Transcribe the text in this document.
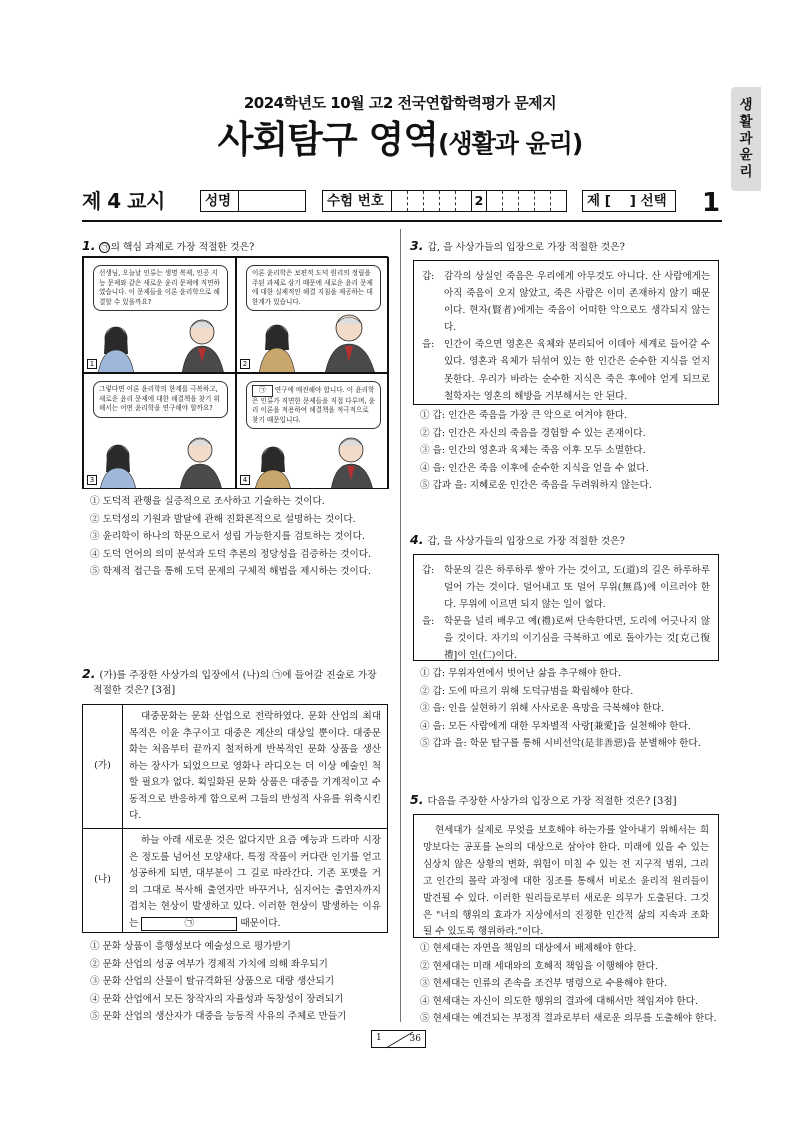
2024학년도 10월 고2 전국연합학력평가 문제지
사회탐구 영역(생활과 윤리)
생
활
과
윤
리
제 4 교시	성명	수험 번호	2	제 [    ] 선택 1
1. ㉠ 의 핵심 과제로 가장 적절한 것은?
선생님, 오늘날 인류는 생명 복제, 인공 지능 문제와 같은 새로운 윤리 문제에 직면하였습니다. 이 문제들을 이론 윤리학으로 해결할 수 있을까요?
1
이론 윤리학은 보편적 도덕 원리의 정립을 주된 과제로 삼기 때문에 새로운 윤리 문제에 대한 실제적인 해결 지침을 제공하는 데 한계가 있습니다.
2
그렇다면 이론 윤리학의 한계를 극복하고, 새로운 윤리 문제에 대한 해결책을 찾기 위해서는 어떤 윤리학을 연구해야 할까요?
3
㉠ 연구에 매진해야 합니다. 이 윤리학은 인류가 직면한 문제들을 직접 다루며, 윤리 이론을 적용하여 해결책을 적극적으로 찾기 때문입니다.
4
① 도덕적 관행을 실증적으로 조사하고 기술하는 것이다.
② 도덕성의 기원과 발달에 관해 진화론적으로 설명하는 것이다.
③ 윤리학이 하나의 학문으로서 성립 가능한지를 검토하는 것이다.
④ 도덕 언어의 의미 분석과 도덕 추론의 정당성을 검증하는 것이다.
⑤ 학제적 접근을 통해 도덕 문제의 구체적 해법을 제시하는 것이다.
2. (가)를 주장한 사상가의 입장에서 (나)의 ㉠에 들어갈 진술로 가장
적절한 것은? [3점]
(가)
대중문화는 문화 산업으로 전락하였다. 문화 산업의 최대 목적은 이윤 추구이고 대중은 계산의 대상일 뿐이다. 대중문화는 처음부터 끝까지 철저하게 반복적인 문화 상품을 생산하는 장사가 되었으므로 영화나 라디오는 더 이상 예술인 척할 필요가 없다. 획일화된 문화 상품은 대중을 기계적이고 수동적으로 반응하게 함으로써 그들의 반성적 사유를 위축시킨다.
(나)
하늘 아래 새로운 것은 없다지만 요즘 예능과 드라마 시장은 정도를 넘어선 모양새다. 특정 작품이 커다란 인기를 얻고 성공하게 되면, 대부분이 그 길로 따라간다. 기존 포맷을 거의 그대로 복사해 출연자만 바꾸거나, 심지어는 출연자까지 겹치는 현상이 발생하고 있다. 이러한 현상이 발생하는 이유는	㉠	때문이다.
① 문화 상품이 흥행성보다 예술성으로 평가받기
② 문화 산업의 성공 여부가 경제적 가치에 의해 좌우되기
③ 문화 산업의 산물이 탈규격화된 상품으로 대량 생산되기
④ 문화 산업에서 모든 창작자의 자율성과 독창성이 장려되기
⑤ 문화 산업의 생산자가 대중을 능동적 사유의 주체로 만들기
3. 갑, 을 사상가들의 입장으로 가장 적절한 것은?
갑:	감각의 상실인 죽음은 우리에게 아무것도 아니다. 산 사람에게는 아직 죽음이 오지 않았고, 죽은 사람은 이미 존재하지 않기 때문이다. 현자(賢者)에게는 죽음이 어떠한 악으로도 생각되지 않는다.
을:	인간이 죽으면 영혼은 육체와 분리되어 이데아 세계로 들어갈 수 있다. 영혼과 육체가 뒤섞여 있는 한 인간은 순수한 지식을 얻지 못한다. 우리가 바라는 순수한 지식은 죽은 후에야 얻게 되므로 철학자는 영혼의 해방을 거부해서는 안 된다.
① 갑: 인간은 죽음을 가장 큰 악으로 여겨야 한다.
② 갑: 인간은 자신의 죽음을 경험할 수 있는 존재이다.
③ 을: 인간의 영혼과 육체는 죽음 이후 모두 소멸한다.
④ 을: 인간은 죽음 이후에 순수한 지식을 얻을 수 없다.
⑤ 갑과 을: 지혜로운 인간은 죽음을 두려워하지 않는다.
4. 갑, 을 사상가들의 입장으로 가장 적절한 것은?
갑:	학문의 길은 하루하루 쌓아 가는 것이고, 도(道)의 길은 하루하루 덜어 가는 것이다. 덜어내고 또 덜어 무위(無爲)에 이르러야 한다. 무위에 이르면 되지 않는 일이 없다.
을:	학문을 널리 배우고 예(禮)로써 단속한다면, 도리에 어긋나지 않을 것이다. 자기의 이기심을 극복하고 예로 돌아가는 것[克己復禮]이 인(仁)이다.
① 갑: 무위자연에서 벗어난 삶을 추구해야 한다.
② 갑: 도에 따르기 위해 도덕규범을 확립해야 한다.
③ 을: 인을 실현하기 위해 사사로운 욕망을 극복해야 한다.
④ 을: 모든 사람에게 대한 무차별적 사랑[兼愛]을 실천해야 한다.
⑤ 갑과 을: 학문 탐구를 통해 시비선악(是非善惡)을 분별해야 한다.
5. 다음을 주장한 사상가의 입장으로 가장 적절한 것은? [3점]
현세대가 실제로 무엇을 보호해야 하는가를 알아내기 위해서는 희망보다는 공포를 논의의 대상으로 삼아야 한다. 미래에 있을 수 있는 심상치 않은 상황의 변화, 위험이 미칠 수 있는 전 지구적 범위, 그리고 인간의 몰락 과정에 대한 징조를 통해서 비로소 윤리적 원리들이 발견될 수 있다. 이러한 원리들로부터 새로운 의무가 도출된다. 그것은 "너의 행위의 효과가 지상에서의 진정한 인간적 삶의 지속과 조화될 수 있도록 행위하라."이다.
① 현세대는 자연을 책임의 대상에서 배제해야 한다.
② 현세대는 미래 세대와의 호혜적 책임을 이행해야 한다.
③ 현세대는 인류의 존속을 조건부 명령으로 수용해야 한다.
④ 현세대는 자신이 의도한 행위의 결과에 대해서만 책임져야 한다.
⑤ 현세대는 예견되는 부정적 결과로부터 새로운 의무를 도출해야 한다.
1	36
